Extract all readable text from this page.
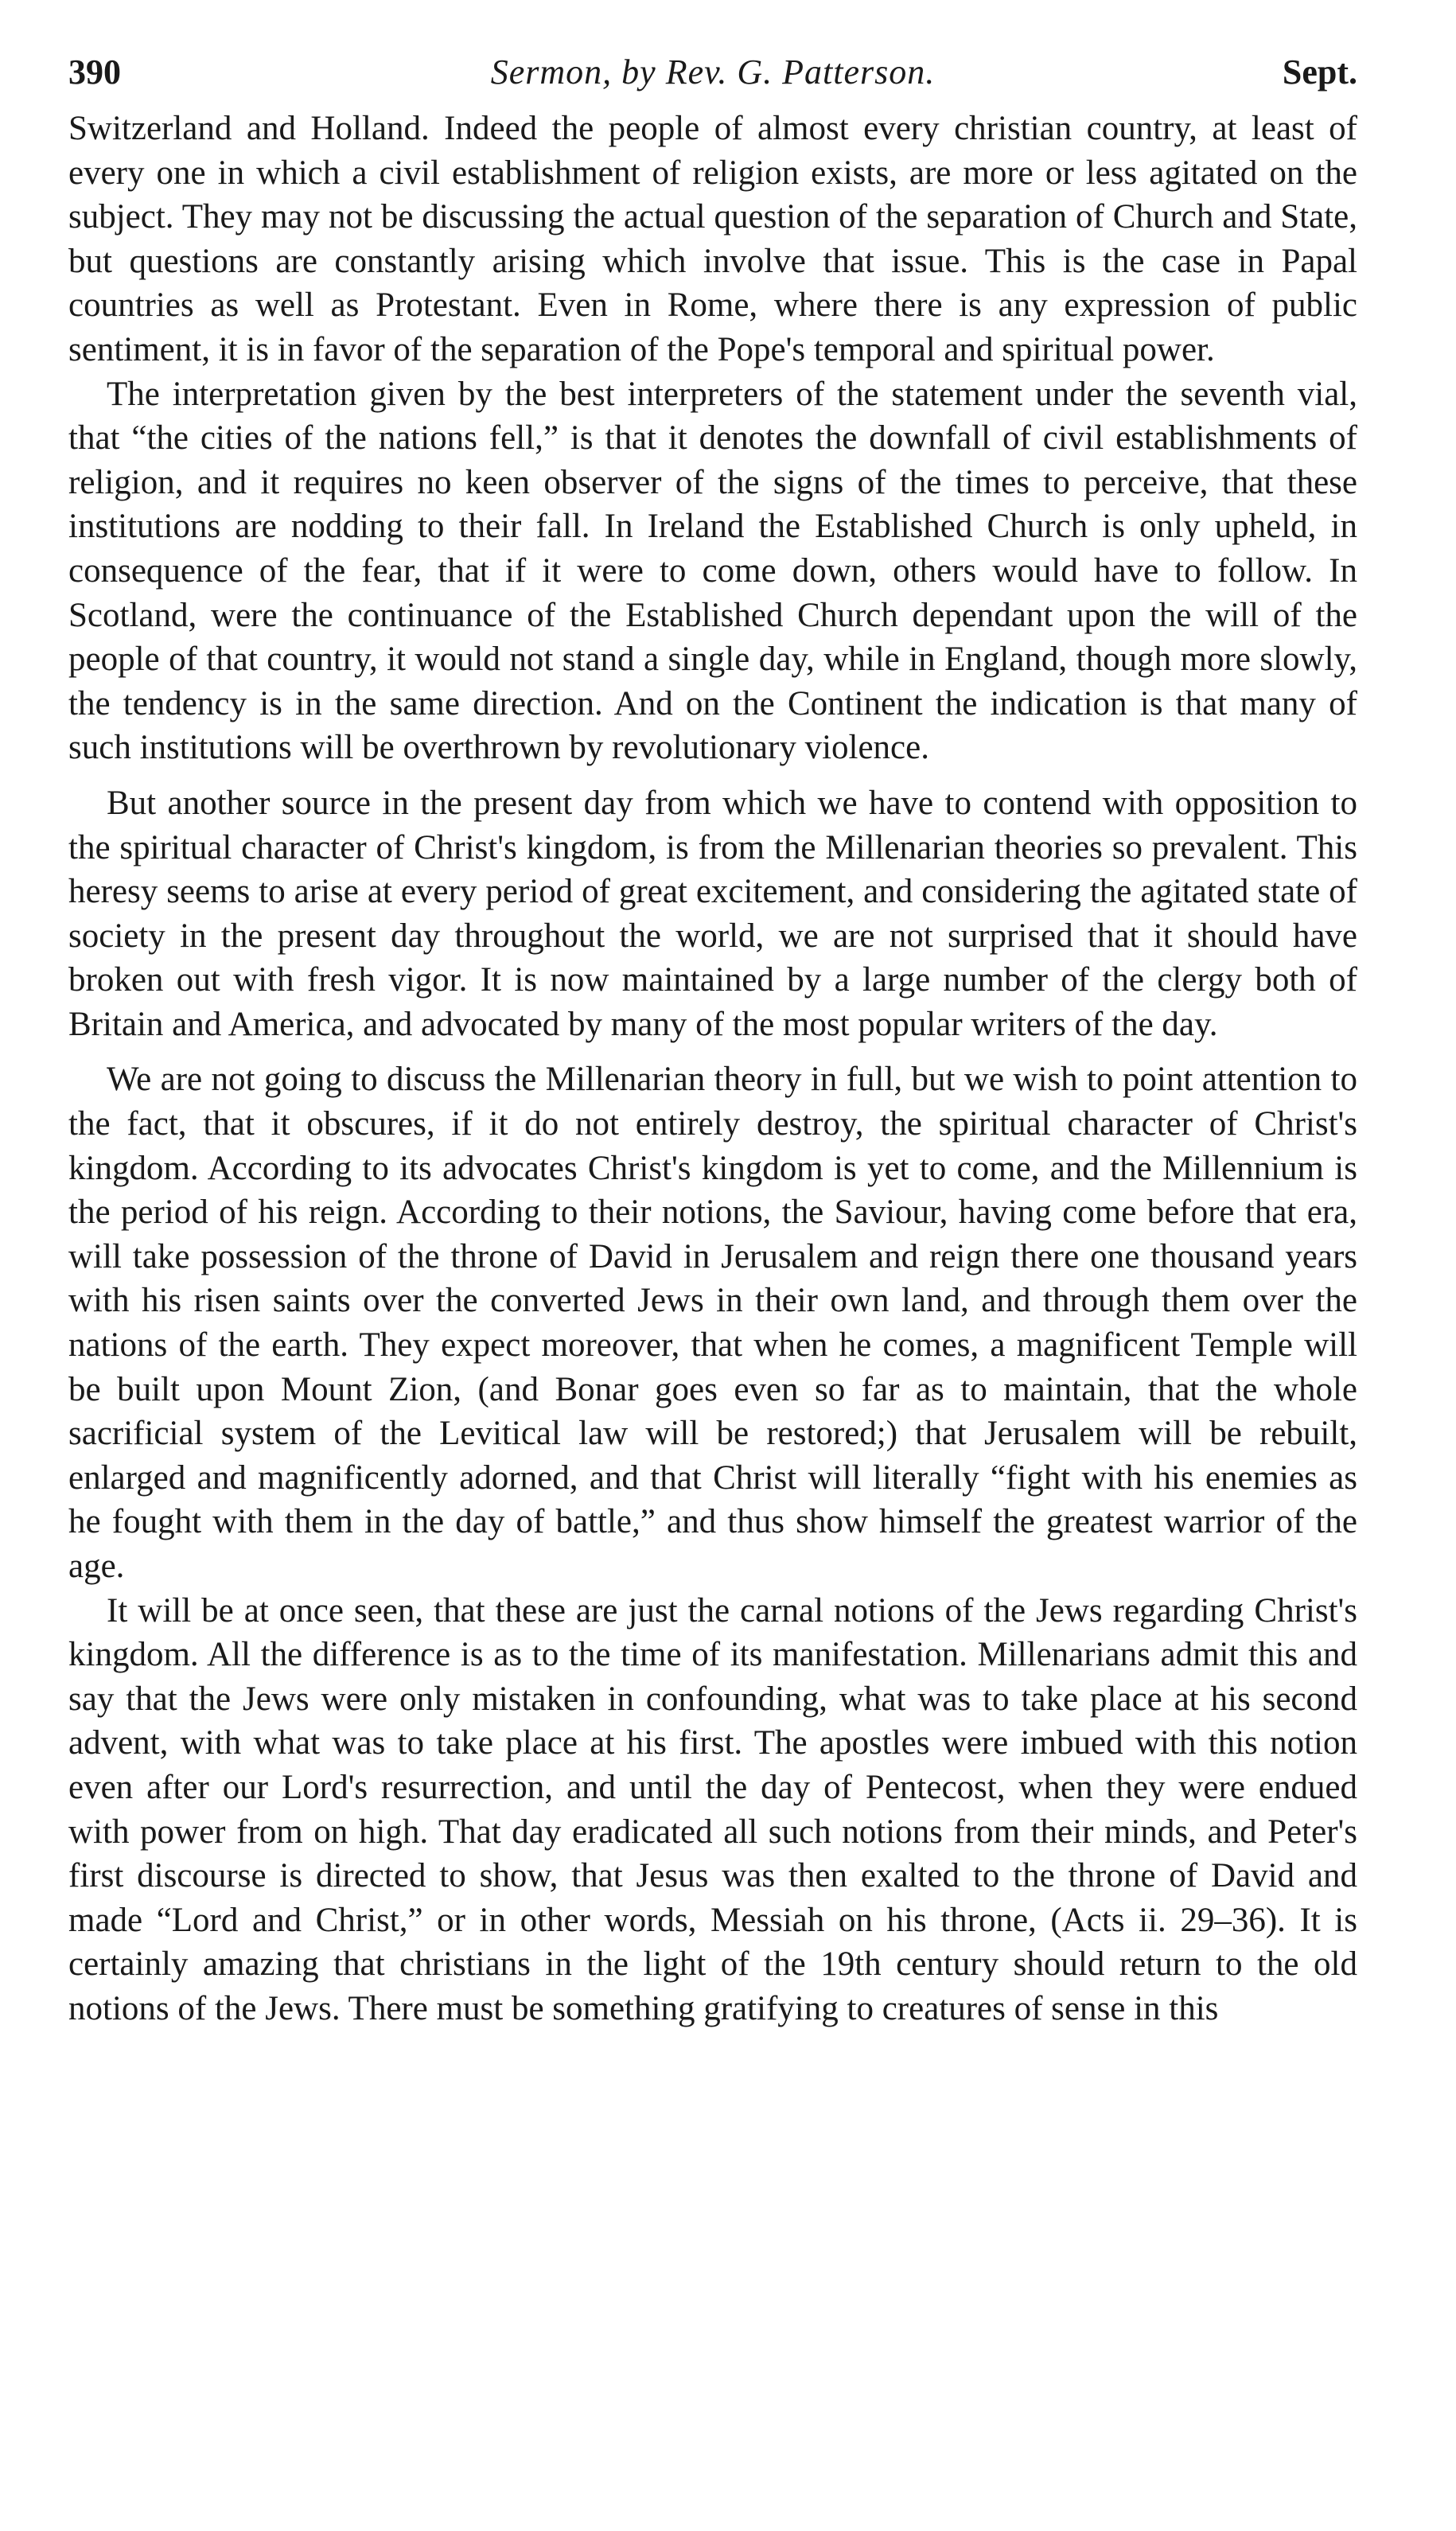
390	Sermon, by Rev. G. Patterson.	Sept.

Switzerland and Holland. Indeed the people of almost every christian country, at least of every one in which a civil establishment of religion exists, are more or less agitated on the subject. They may not be discussing the actual question of the separation of Church and State, but questions are constantly arising which involve that issue. This is the case in Papal countries as well as Protestant. Even in Rome, where there is any expression of public sentiment, it is in favor of the separation of the Pope's temporal and spiritual power.

The interpretation given by the best interpreters of the statement under the seventh vial, that “the cities of the nations fell,” is that it denotes the downfall of civil establishments of religion, and it requires no keen observer of the signs of the times to perceive, that these institutions are nodding to their fall. In Ireland the Established Church is only upheld, in consequence of the fear, that if it were to come down, others would have to follow. In Scotland, were the continuance of the Established Church dependant upon the will of the people of that country, it would not stand a single day, while in England, though more slowly, the tendency is in the same direction. And on the Continent the indication is that many of such institutions will be overthrown by revolutionary violence.

But another source in the present day from which we have to contend with opposition to the spiritual character of Christ's kingdom, is from the Millenarian theories so prevalent. This heresy seems to arise at every period of great excitement, and considering the agitated state of society in the present day throughout the world, we are not surprised that it should have broken out with fresh vigor. It is now maintained by a large number of the clergy both of Britain and America, and advocated by many of the most popular writers of the day.

We are not going to discuss the Millenarian theory in full, but we wish to point attention to the fact, that it obscures, if it do not entirely destroy, the spiritual character of Christ's kingdom. According to its advocates Christ's kingdom is yet to come, and the Millennium is the period of his reign. According to their notions, the Saviour, having come before that era, will take possession of the throne of David in Jerusalem and reign there one thousand years with his risen saints over the converted Jews in their own land, and through them over the nations of the earth. They expect moreover, that when he comes, a magnificent Temple will be built upon Mount Zion, (and Bonar goes even so far as to maintain, that the whole sacrificial system of the Levitical law will be restored;) that Jerusalem will be rebuilt, enlarged and magnificently adorned, and that Christ will literally “fight with his enemies as he fought with them in the day of battle,” and thus show himself the greatest warrior of the age.

It will be at once seen, that these are just the carnal notions of the Jews regarding Christ's kingdom. All the difference is as to the time of its manifestation. Millenarians admit this and say that the Jews were only mistaken in confounding, what was to take place at his second advent, with what was to take place at his first. The apostles were imbued with this notion even after our Lord's resurrection, and until the day of Pentecost, when they were endued with power from on high. That day eradicated all such notions from their minds, and Peter's first discourse is directed to show, that Jesus was then exalted to the throne of David and made “Lord and Christ,” or in other words, Messiah on his throne, (Acts ii. 29–36). It is certainly amazing that christians in the light of the 19th century should return to the old notions of the Jews. There must be something gratifying to creatures of sense in this
